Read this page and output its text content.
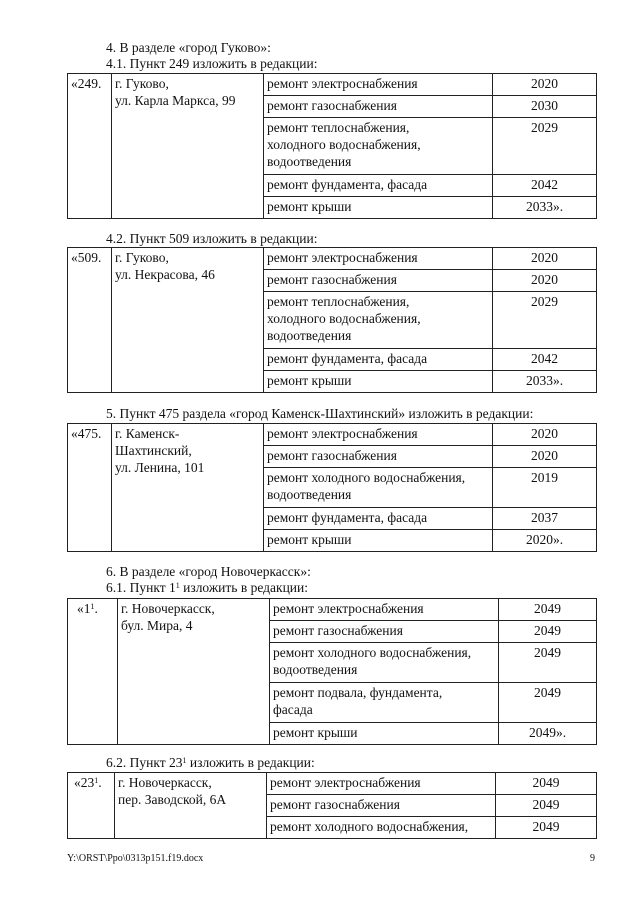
4. В разделе «город Гуково»:
4.1. Пункт 249 изложить в редакции:
«249.	г. Гуково,
ул. Карла Маркса, 99	ремонт электроснабжения	2020
		ремонт газоснабжения	2030
		ремонт теплоснабжения,
холодного водоснабжения,
водоотведения	2029
		ремонт фундамента, фасада	2042
		ремонт крыши	2033».
4.2. Пункт 509 изложить в редакции:
«509.	г. Гуково,
ул. Некрасова, 46	ремонт электроснабжения	2020
		ремонт газоснабжения	2020
		ремонт теплоснабжения,
холодного водоснабжения,
водоотведения	2029
		ремонт фундамента, фасада	2042
		ремонт крыши	2033».
5. Пункт 475 раздела «город Каменск-Шахтинский» изложить в редакции:
«475.	г. Каменск-
Шахтинский,
ул. Ленина, 101	ремонт электроснабжения	2020
		ремонт газоснабжения	2020
		ремонт холодного водоснабжения,
водоотведения	2019
		ремонт фундамента, фасада	2037
		ремонт крыши	2020».
6. В разделе «город Новочеркасск»:
6.1. Пункт $1^1$ изложить в редакции:
«$1^1$.	г. Новочеркасск,
бул. Мира, 4	ремонт электроснабжения	2049
		ремонт газоснабжения	2049
		ремонт холодного водоснабжения,
водоотведения	2049
		ремонт подвала, фундамента,
фасада	2049
		ремонт крыши	2049».
6.2. Пункт $23^1$ изложить в редакции:
«$23^1$.	г. Новочеркасск,
пер. Заводской, 6А	ремонт электроснабжения	2049
		ремонт газоснабжения	2049
		ремонт холодного водоснабжения,	2049
Y:\ORST\Ppo\0313p151.f19.docx	9
